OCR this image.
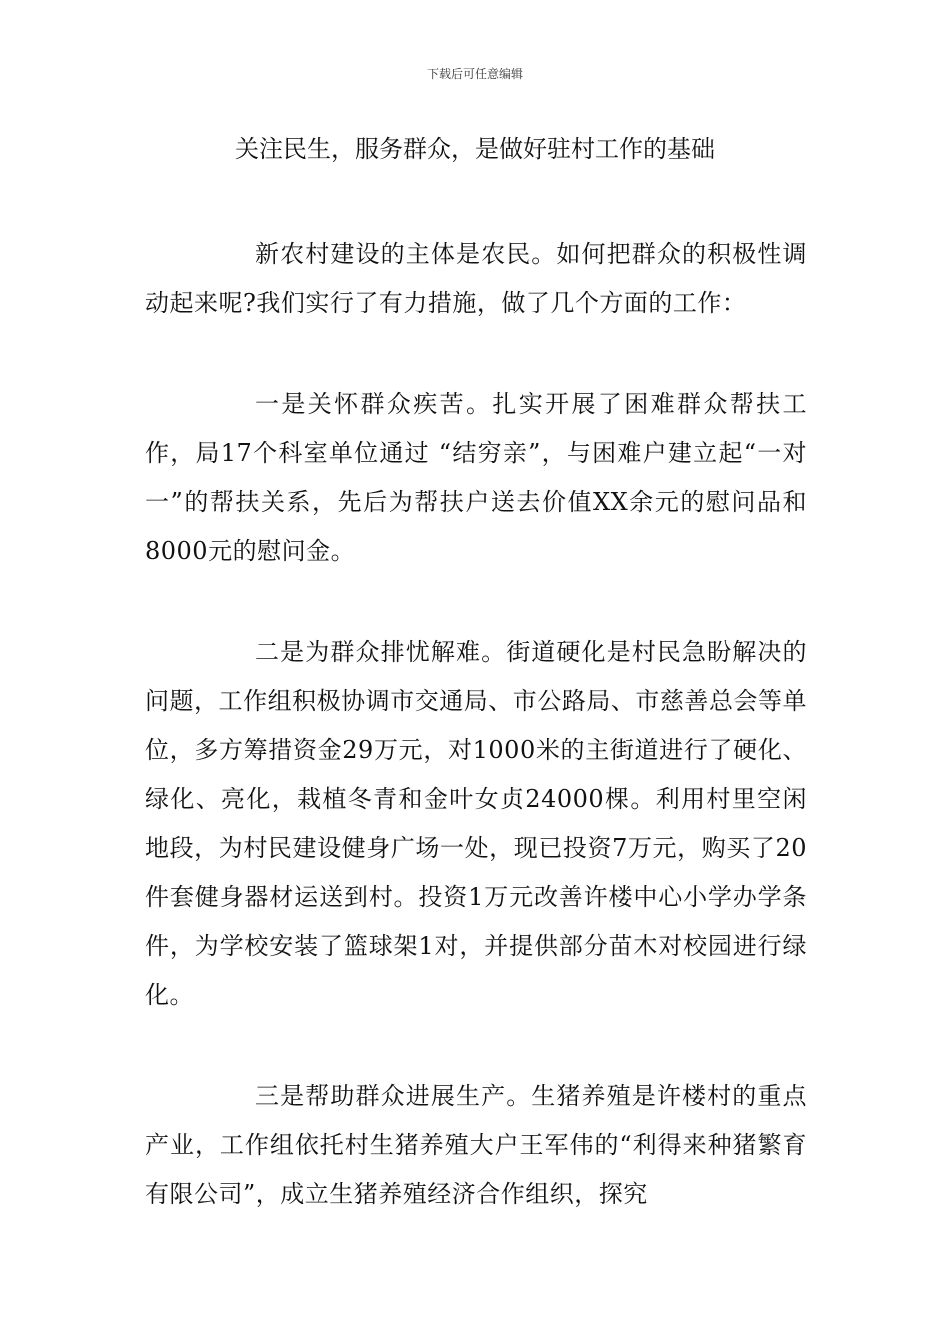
下载后可任意编辑
关注民生，服务群众，是做好驻村工作的基础

新农村建设的主体是农民。如何把群众的积极性调动起来呢?我们实行了有力措施，做了几个方面的工作：

一是关怀群众疾苦。扎实开展了困难群众帮扶工作，局17个科室单位通过 “结穷亲”，与困难户建立起“一对一”的帮扶关系，先后为帮扶户送去价值XX余元的慰问品和8000元的慰问金。

二是为群众排忧解难。街道硬化是村民急盼解决的问题，工作组积极协调市交通局、市公路局、市慈善总会等单位，多方筹措资金29万元，对1000米的主街道进行了硬化、绿化、亮化，栽植冬青和金叶女贞24000棵。利用村里空闲地段，为村民建设健身广场一处，现已投资7万元，购买了20件套健身器材运送到村。投资1万元改善许楼中心小学办学条件，为学校安装了篮球架1对，并提供部分苗木对校园进行绿化。

三是帮助群众进展生产。生猪养殖是许楼村的重点产业，工作组依托村生猪养殖大户王军伟的“利得来种猪繁育有限公司”，成立生猪养殖经济合作组织，探究
